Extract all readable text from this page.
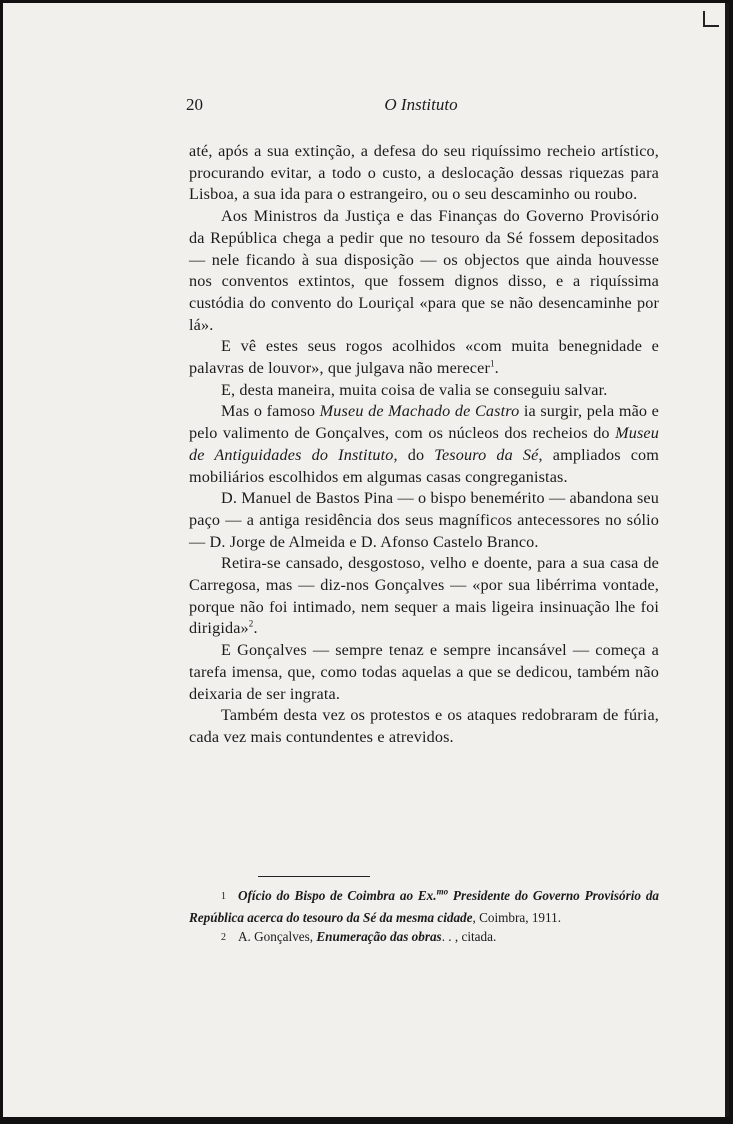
20	O Instituto

até, após a sua extinção, a defesa do seu riquíssimo recheio artístico, procurando evitar, a todo o custo, a deslocação dessas riquezas para Lisboa, a sua ida para o estrangeiro, ou o seu descaminho ou roubo.

Aos Ministros da Justiça e das Finanças do Governo Provisório da República chega a pedir que no tesouro da Sé fossem depositados — nele ficando à sua disposição — os objectos que ainda houvesse nos conventos extintos, que fossem dignos disso, e a riquíssima custódia do convento do Louriçal «para que se não desencaminhe por lá».

E vê estes seus rogos acolhidos «com muita benegnidade e palavras de louvor», que julgava não merecer$^1$.

E, desta maneira, muita coisa de valia se conseguiu salvar.

Mas o famoso Museu de Machado de Castro ia surgir, pela mão e pelo valimento de Gonçalves, com os núcleos dos recheios do Museu de Antiguidades do Instituto, do Tesouro da Sé, ampliados com mobiliários escolhidos em algumas casas congreganistas.

D. Manuel de Bastos Pina — o bispo benemérito — abandona seu paço — a antiga residência dos seus magníficos antecessores no sólio — D. Jorge de Almeida e D. Afonso Castelo Branco.

Retira-se cansado, desgostoso, velho e doente, para a sua casa de Carregosa, mas — diz-nos Gonçalves — «por sua libérrima vontade, porque não foi intimado, nem sequer a mais ligeira insinuação lhe foi dirigida»$^2$.

E Gonçalves — sempre tenaz e sempre incansável — começa a tarefa imensa, que, como todas aquelas a que se dedicou, também não deixaria de ser ingrata.

Também desta vez os protestos e os ataques redobraram de fúria, cada vez mais contundentes e atrevidos.

1 Ofício do Bispo de Coimbra ao Ex.$^{mo}$ Presidente do Governo Provisório da República acerca do tesouro da Sé da mesma cidade, Coimbra, 1911.

2 A. Gonçalves, Enumeração das obras. . , citada.
